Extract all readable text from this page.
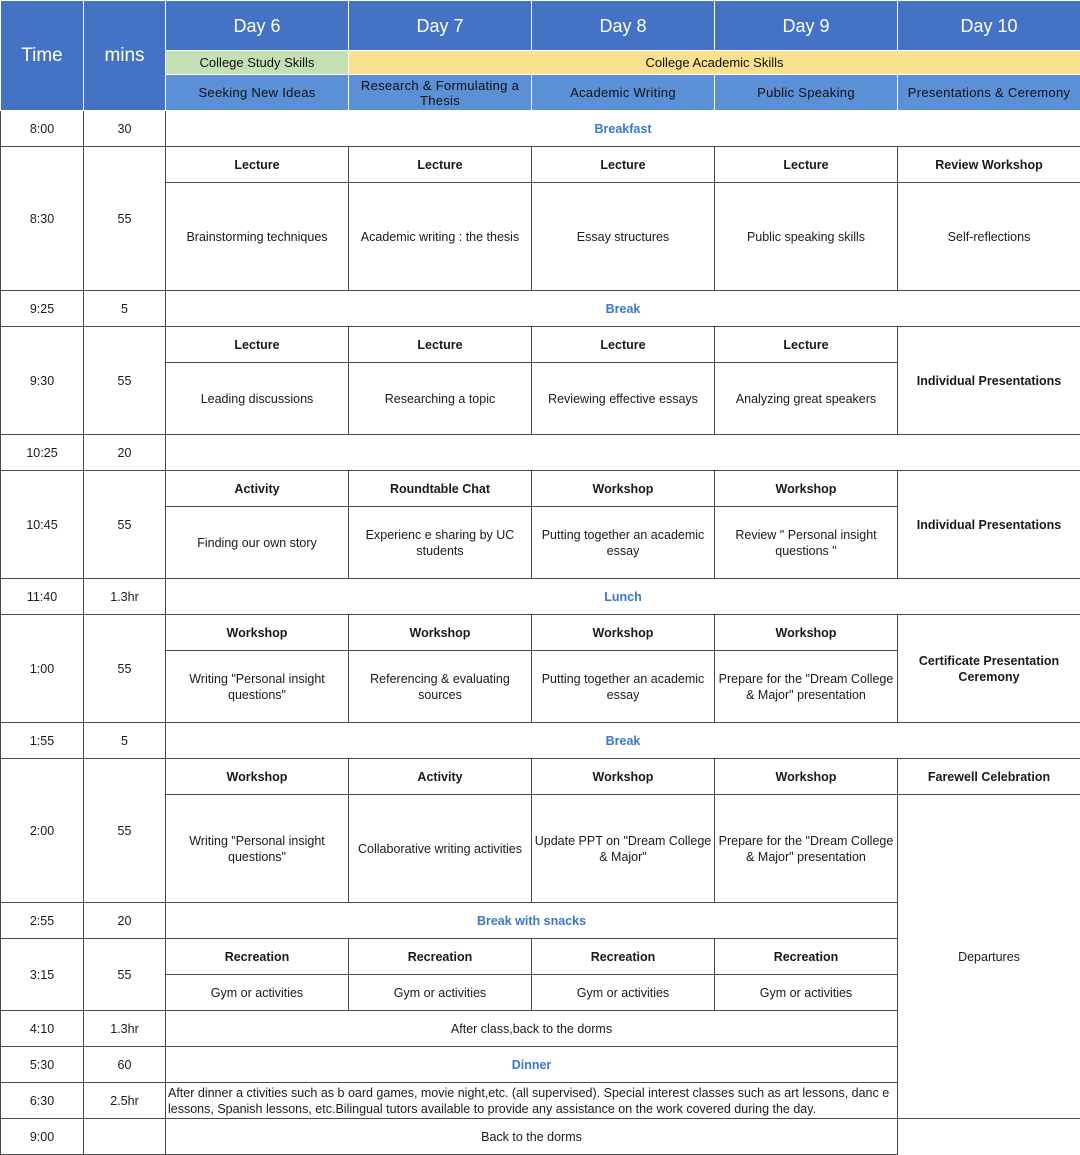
Time	mins	Day 6	Day 7	Day 8	Day 9	Day 10
		College Study Skills	College Academic Skills			
		Seeking New Ideas	Research & Formulating a Thesis	Academic Writing	Public Speaking	Presentations & Ceremony
8:00	30	Breakfast				
8:30	55	Lecture	Lecture	Lecture	Lecture	Review Workshop
		Brainstorming techniques	Academic writing : the thesis	Essay structures	Public speaking skills	Self-reflections
9:25	5	Break				
9:30	55	Lecture	Lecture	Lecture	Lecture	Individual Presentations
		Leading discussions	Researching a topic	Reviewing effective essays	Analyzing great speakers	
10:25	20					
10:45	55	Activity	Roundtable Chat	Workshop	Workshop	Individual Presentations
		Finding our own story	Experienc e sharing by UC students	Putting together an academic essay	Review " Personal insight questions "	
11:40	1.3hr	Lunch				
1:00	55	Workshop	Workshop	Workshop	Workshop	Certificate Presentation Ceremony
		Writing "Personal insight questions"	Referencing & evaluating sources	Putting together an academic essay	Prepare for the "Dream College & Major" presentation	
1:55	5	Break				
2:00	55	Workshop	Activity	Workshop	Workshop	Farewell Celebration
		Writing "Personal insight questions"	Collaborative writing activities	Update PPT on "Dream College & Major"	Prepare for the "Dream College & Major" presentation	Departures
2:55	20	Break with snacks				
3:15	55	Recreation	Recreation	Recreation	Recreation	
		Gym or activities	Gym or activities	Gym or activities	Gym or activities	
4:10	1.3hr	After class,back to the dorms				
5:30	60	Dinner				
6:30	2.5hr	After dinner a ctivities such as b oard games, movie night,etc. (all supervised). Special interest classes such as art lessons, danc e lessons, Spanish lessons, etc.Bilingual tutors available to provide any assistance on the work covered during the day.				
9:00		Back to the dorms				
